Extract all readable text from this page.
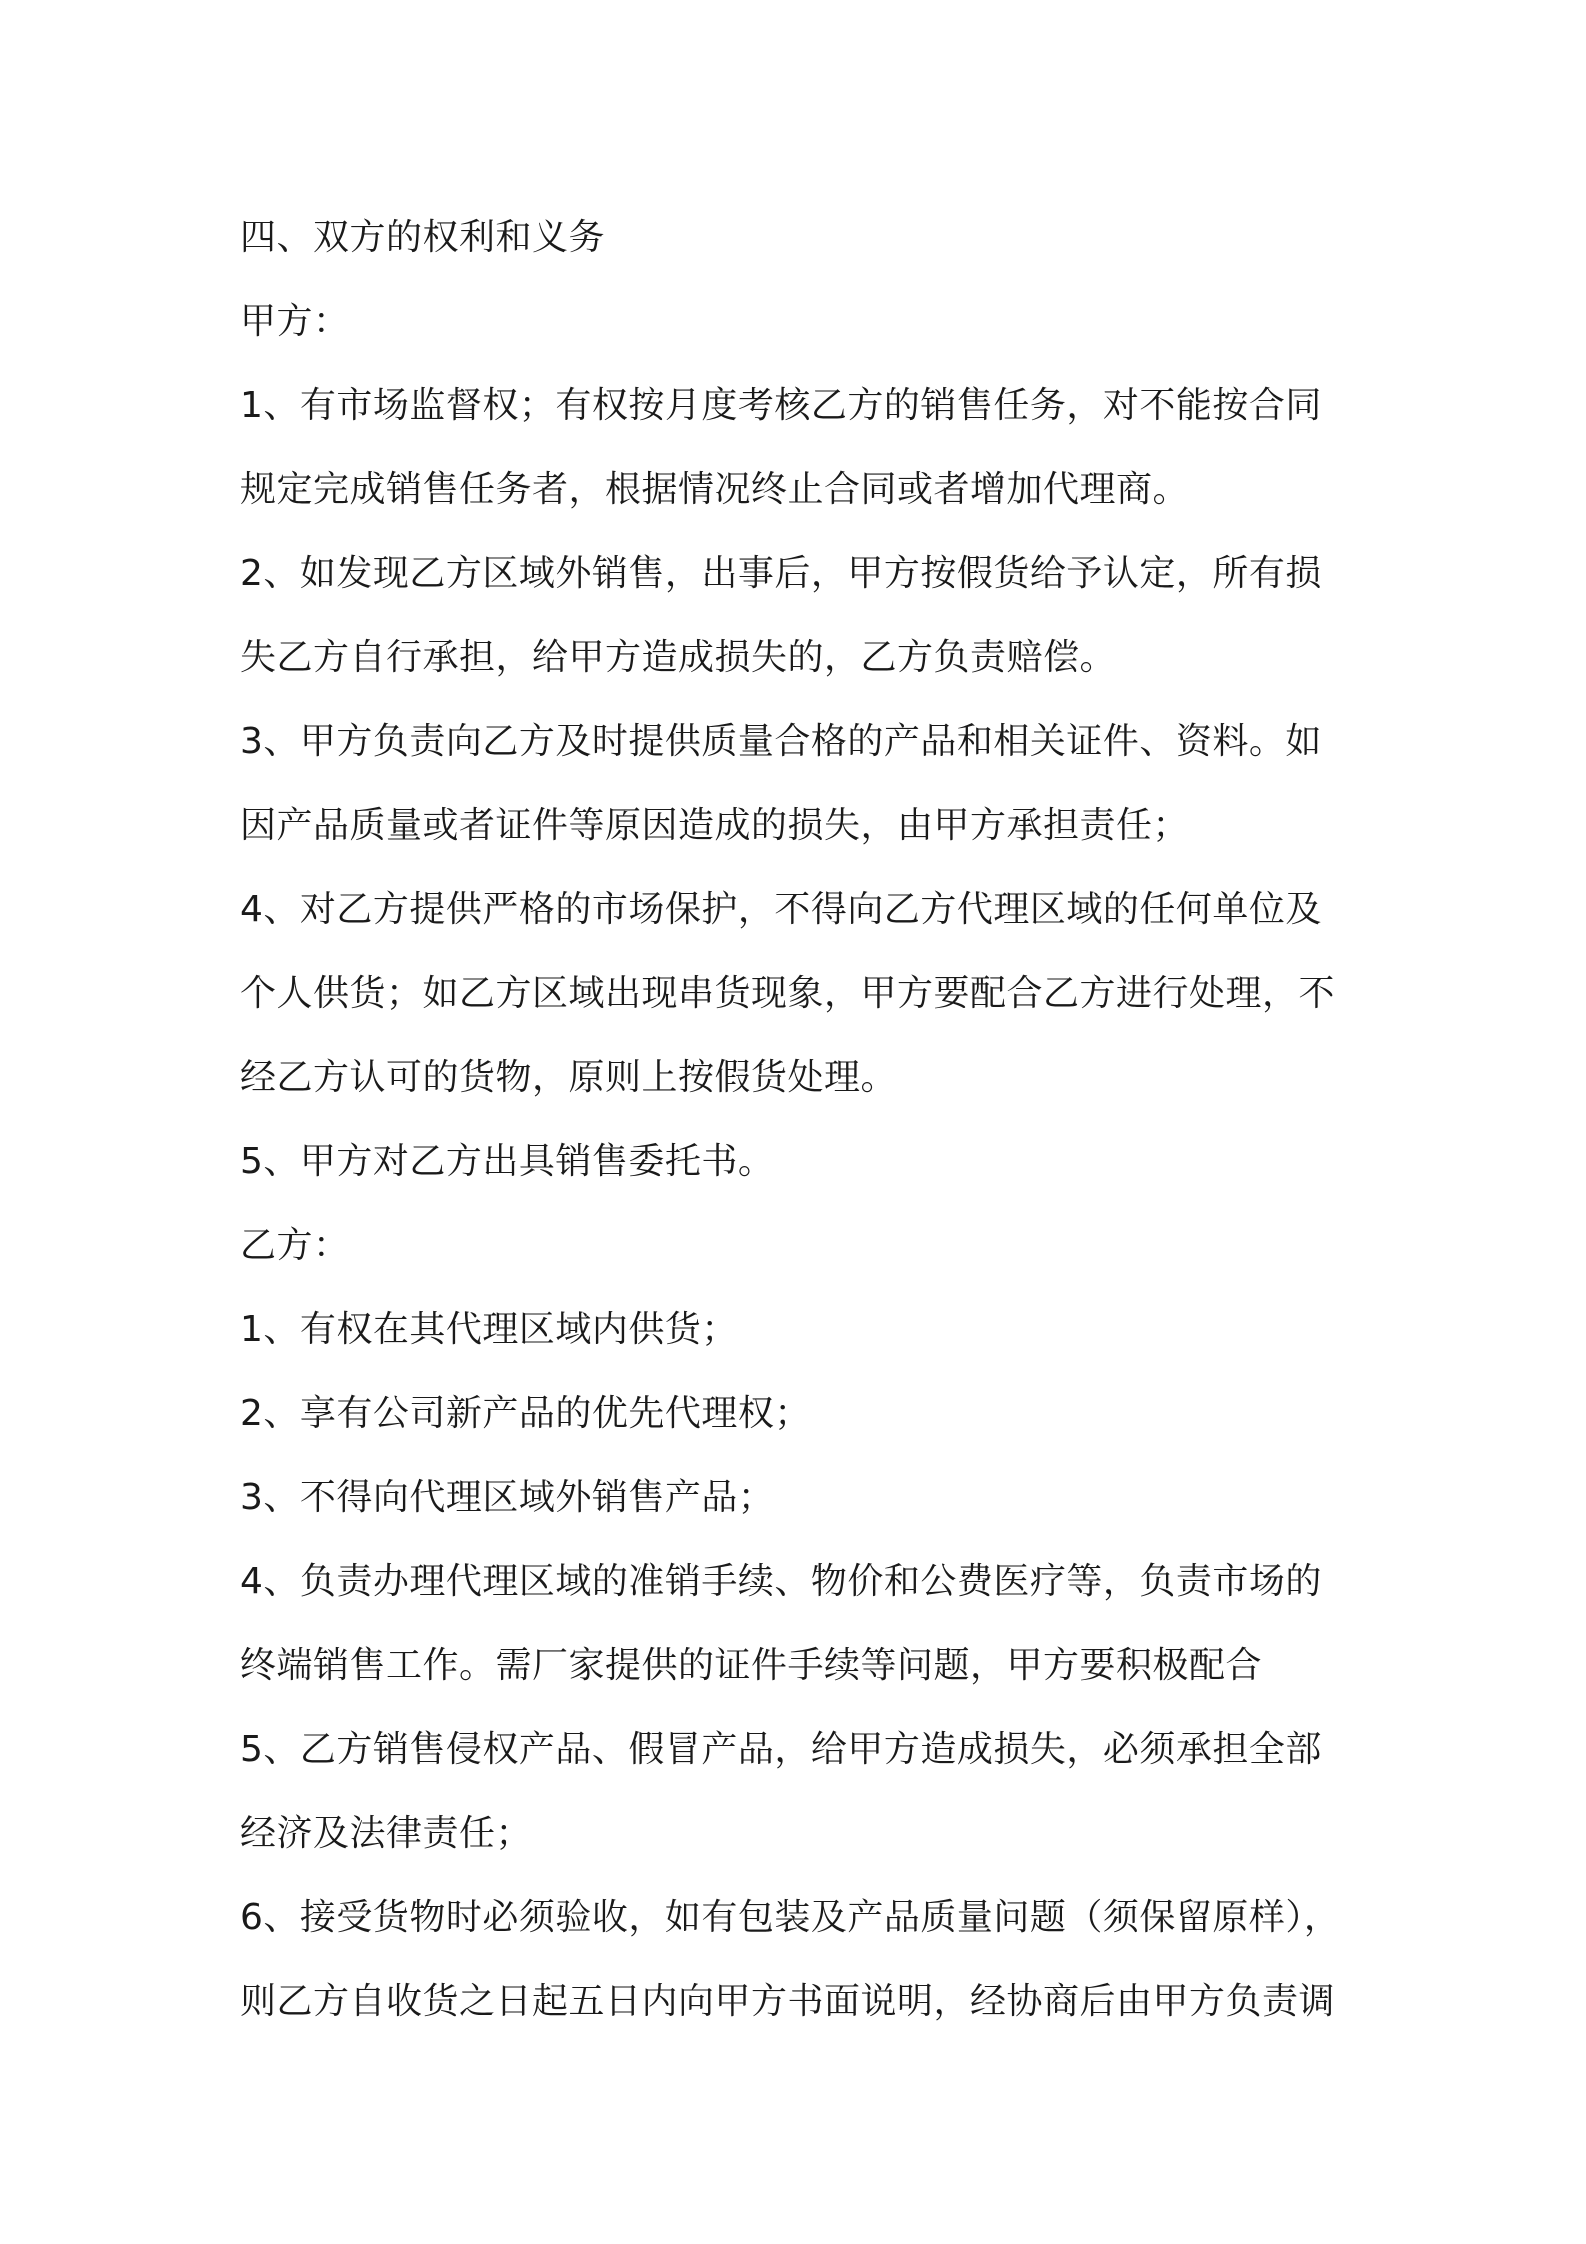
四、双方的权利和义务
甲方：
1、有市场监督权；有权按月度考核乙方的销售任务，对不能按合同
规定完成销售任务者，根据情况终止合同或者增加代理商。
2、如发现乙方区域外销售，出事后，甲方按假货给予认定，所有损
失乙方自行承担，给甲方造成损失的，乙方负责赔偿。
3、甲方负责向乙方及时提供质量合格的产品和相关证件、资料。如
因产品质量或者证件等原因造成的损失，由甲方承担责任；
4、对乙方提供严格的市场保护，不得向乙方代理区域的任何单位及
个人供货；如乙方区域出现串货现象，甲方要配合乙方进行处理，不
经乙方认可的货物，原则上按假货处理。
5、甲方对乙方出具销售委托书。
乙方：
1、有权在其代理区域内供货；
2、享有公司新产品的优先代理权；
3、不得向代理区域外销售产品；
4、负责办理代理区域的准销手续、物价和公费医疗等，负责市场的
终端销售工作。需厂家提供的证件手续等问题，甲方要积极配合
5、乙方销售侵权产品、假冒产品，给甲方造成损失，必须承担全部
经济及法律责任；
6、接受货物时必须验收，如有包装及产品质量问题（须保留原样），
则乙方自收货之日起五日内向甲方书面说明，经协商后由甲方负责调
